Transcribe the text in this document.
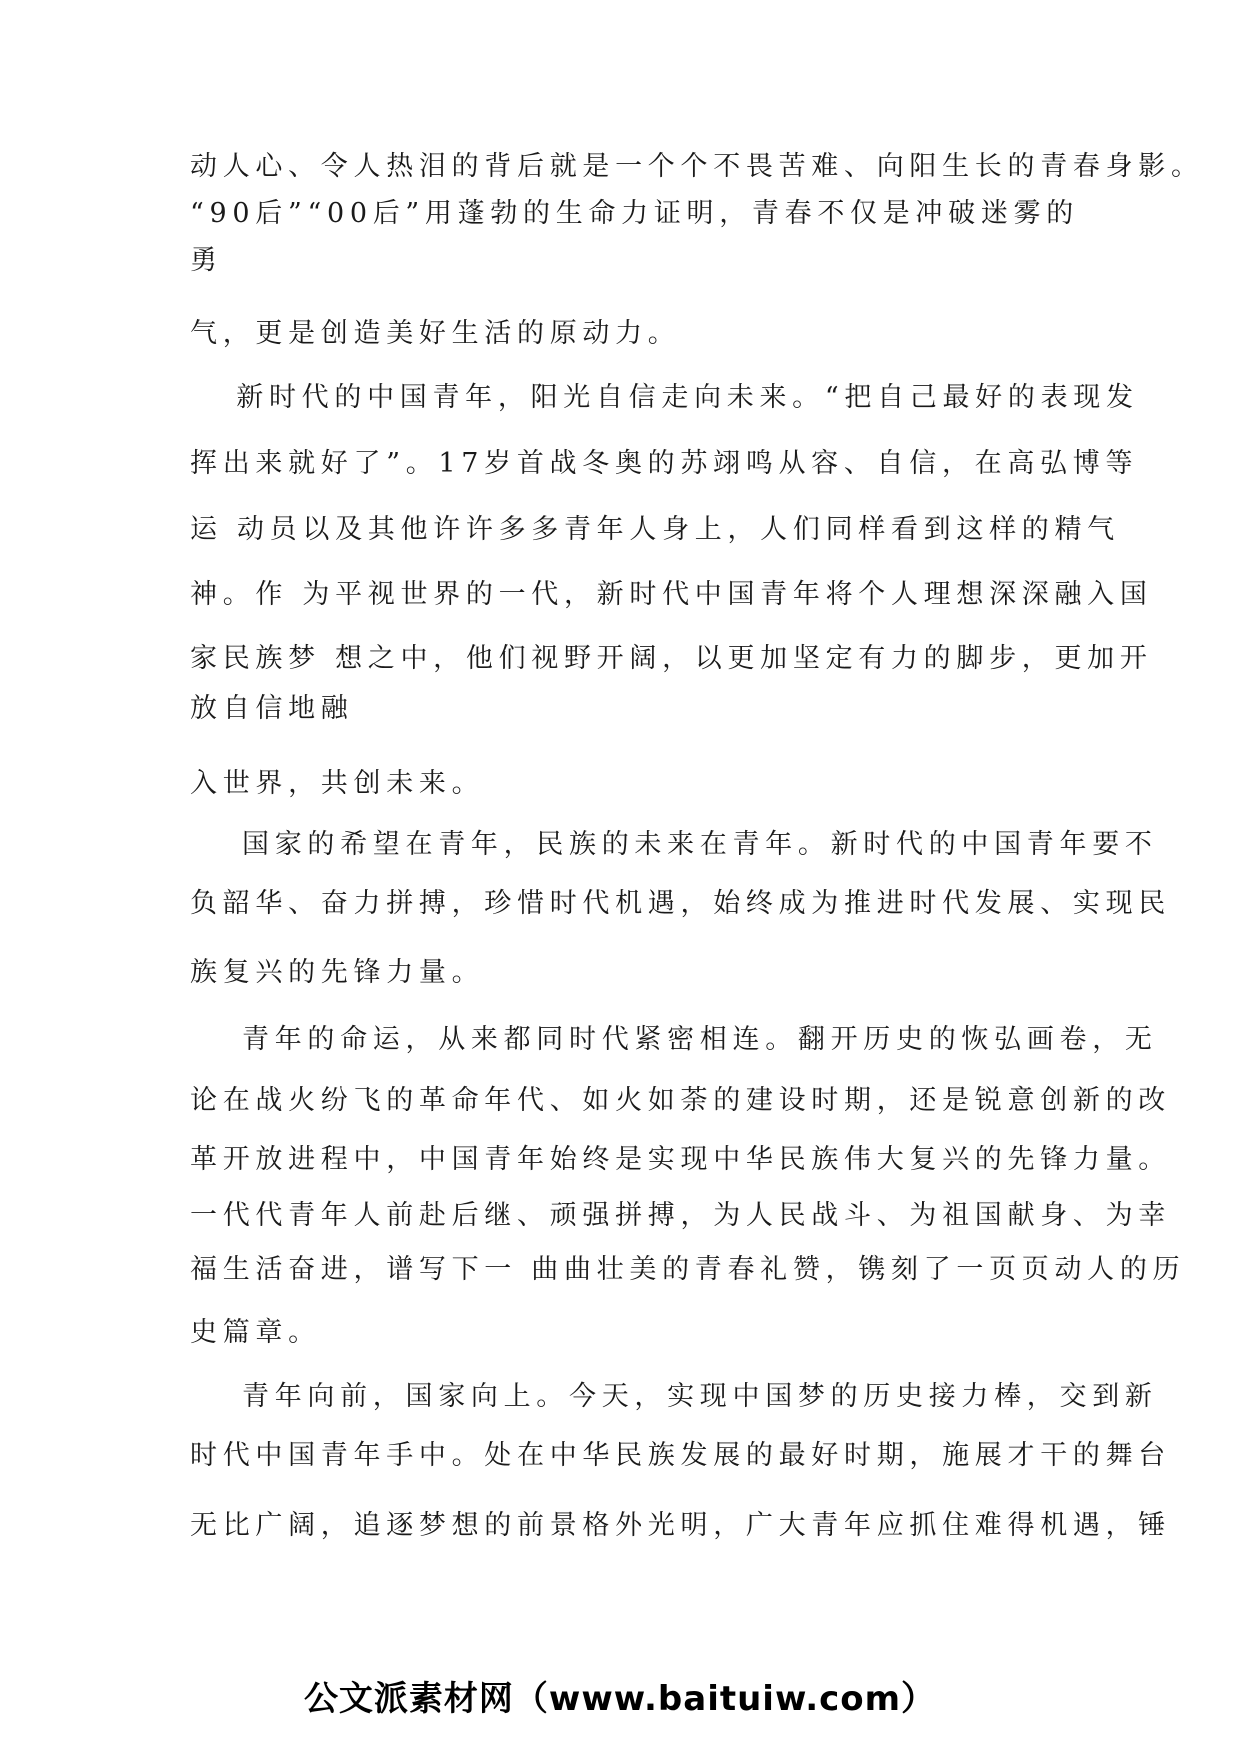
动人心、令人热泪的背后就是一个个不畏苦难、向阳生长的青春身影。
“90后”“00后”用蓬勃的生命力证明，青春不仅是冲破迷雾的
勇
气，更是创造美好生活的原动力。
新时代的中国青年，阳光自信走向未来。“把自己最好的表现发
挥出来就好了”。17岁首战冬奥的苏翊鸣从容、自信，在高弘博等
运 动员以及其他许许多多青年人身上，人们同样看到这样的精气
神。作 为平视世界的一代，新时代中国青年将个人理想深深融入国
家民族梦 想之中，他们视野开阔，以更加坚定有力的脚步，更加开
放自信地融
入世界，共创未来。
国家的希望在青年，民族的未来在青年。新时代的中国青年要不
负韶华、奋力拼搏，珍惜时代机遇，始终成为推进时代发展、实现民
族复兴的先锋力量。
青年的命运，从来都同时代紧密相连。翻开历史的恢弘画卷，无
论在战火纷飞的革命年代、如火如荼的建设时期，还是锐意创新的改
革开放进程中，中国青年始终是实现中华民族伟大复兴的先锋力量。
一代代青年人前赴后继、顽强拼搏，为人民战斗、为祖国献身、为幸
福生活奋进，谱写下一 曲曲壮美的青春礼赞，镌刻了一页页动人的历
史篇章。
青年向前，国家向上。今天，实现中国梦的历史接力棒，交到新
时代中国青年手中。处在中华民族发展的最好时期，施展才干的舞台
无比广阔，追逐梦想的前景格外光明，广大青年应抓住难得机遇，锤
公文派素材网（www.baituiw.com）
